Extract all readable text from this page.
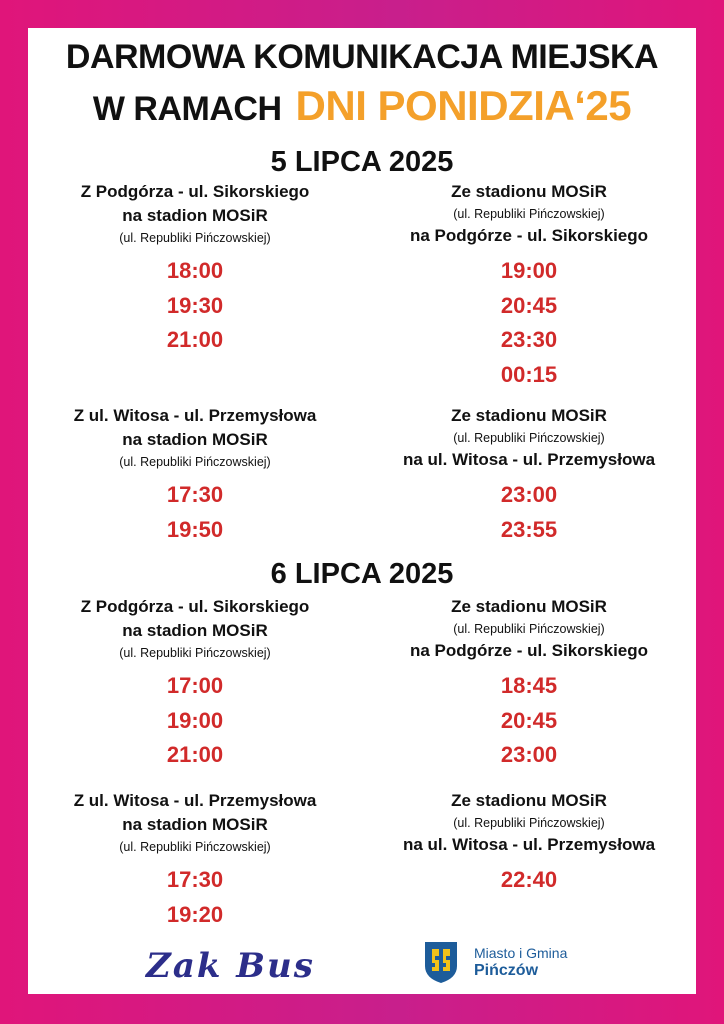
DARMOWA KOMUNIKACJA MIEJSKA
W RAMACH DNI PONIDZIA‘25
5 LIPCA 2025
Z Podgórza - ul. Sikorskiego
na stadion MOSiR
(ul. Republiki Pińczowskiej)
18:00
19:30
21:00
Ze stadionu MOSiR
(ul. Republiki Pińczowskiej)
na Podgórze - ul. Sikorskiego
19:00
20:45
23:30
00:15
Z ul. Witosa - ul. Przemysłowa
na stadion MOSiR
(ul. Republiki Pińczowskiej)
17:30
19:50
Ze stadionu MOSiR
(ul. Republiki Pińczowskiej)
na ul. Witosa - ul. Przemysłowa
23:00
23:55
6 LIPCA 2025
Z Podgórza - ul. Sikorskiego
na stadion MOSiR
(ul. Republiki Pińczowskiej)
17:00
19:00
21:00
Ze stadionu MOSiR
(ul. Republiki Pińczowskiej)
na Podgórze - ul. Sikorskiego
18:45
20:45
23:00
Z ul. Witosa - ul. Przemysłowa
na stadion MOSiR
(ul. Republiki Pińczowskiej)
17:30
19:20
Ze stadionu MOSiR
(ul. Republiki Pińczowskiej)
na ul. Witosa - ul. Przemysłowa
22:40
Zak Bus	Miasto i Gmina
Pińczów
